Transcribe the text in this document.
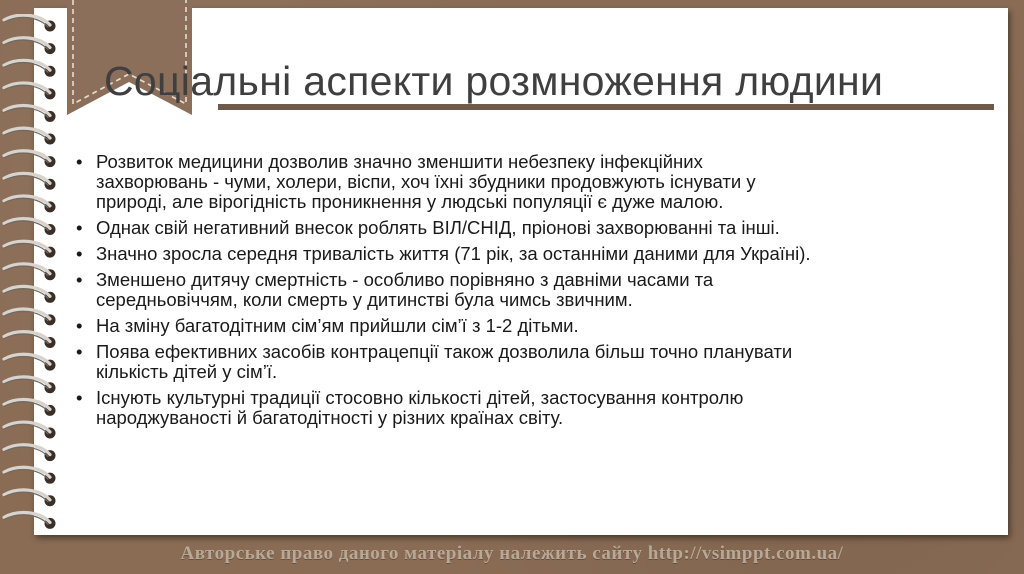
Соціальні аспекти розмноження людини
• Розвиток медицини дозволив значно зменшити небезпеку інфекційних
захворювань - чуми, холери, віспи, хоч їхні збудники продовжують існувати у
природі, але вірогідність проникнення у людські популяції є дуже малою.
• Однак свій негативний внесок роблять ВІЛ/СНІД, пріонові захворюванні та інші.
• Значно зросла середня тривалість життя (71 рік, за останніми даними для Україні).
• Зменшено дитячу смертність - особливо порівняно з давніми часами та
середньовіччям, коли смерть у дитинстві була чимсь звичним.
• На зміну багатодітним сім’ям прийшли сім’ї з 1-2 дітьми.
• Поява ефективних засобів контрацепції також дозволила більш точно планувати
кількість дітей у сім’ї.
• Існують культурні традиції стосовно кількості дітей, застосування контролю
народжуваності й багатодітності у різних країнах світу.
Авторське право даного матеріалу належить сайту http://vsimppt.com.ua/
